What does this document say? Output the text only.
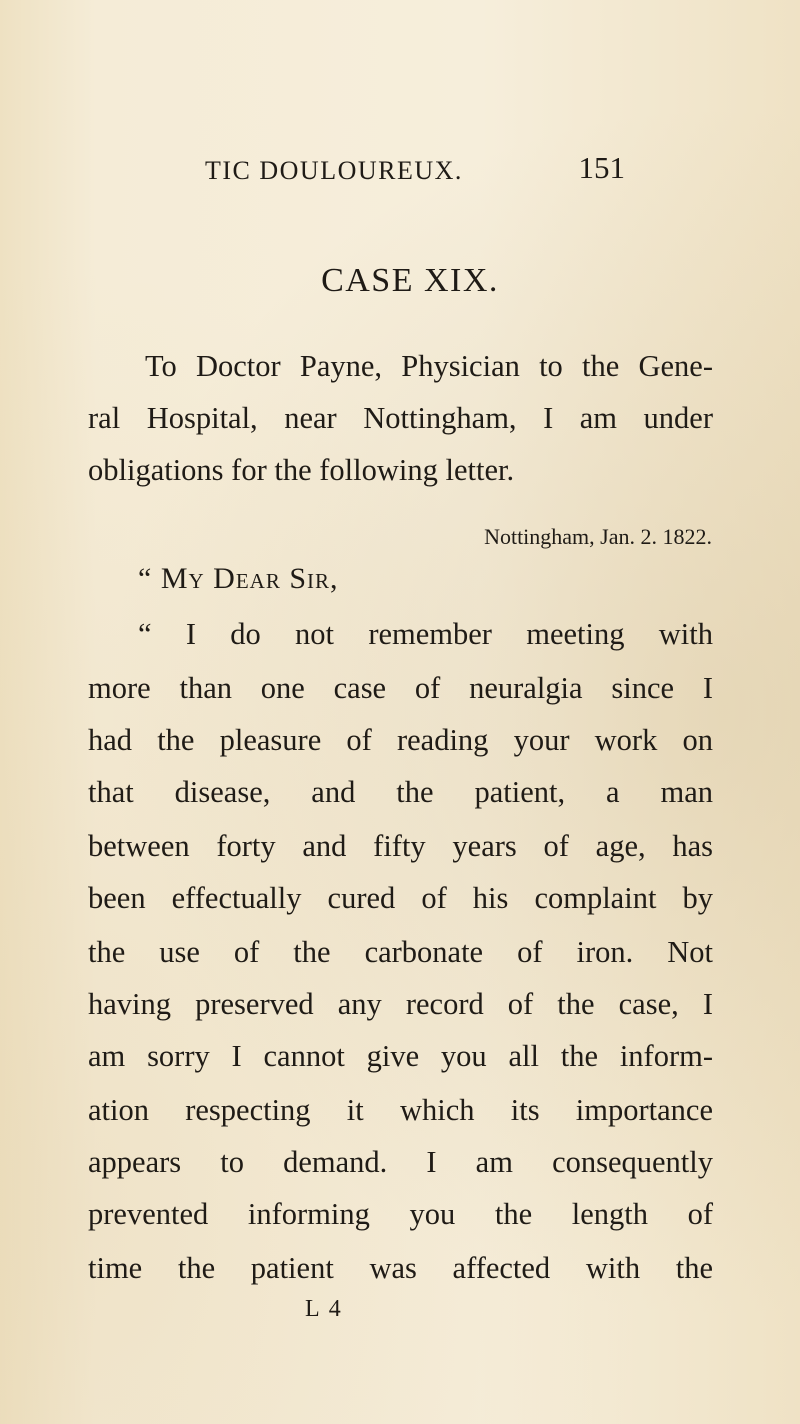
TIC DOULOUREUX.	151
CASE XIX.
To Doctor Payne, Physician to the Gene-
ral Hospital, near Nottingham, I am under
obligations for the following letter.
Nottingham, Jan. 2. 1822.
“ My Dear Sir,
“ I do not remember meeting with
more than one case of neuralgia since I
had the pleasure of reading your work on
that disease, and the patient, a man
between forty and fifty years of age, has
been effectually cured of his complaint by
the use of the carbonate of iron. Not
having preserved any record of the case, I
am sorry I cannot give you all the inform-
ation respecting it which its importance
appears to demand. I am consequently
prevented informing you the length of
time the patient was affected with the
L 4
